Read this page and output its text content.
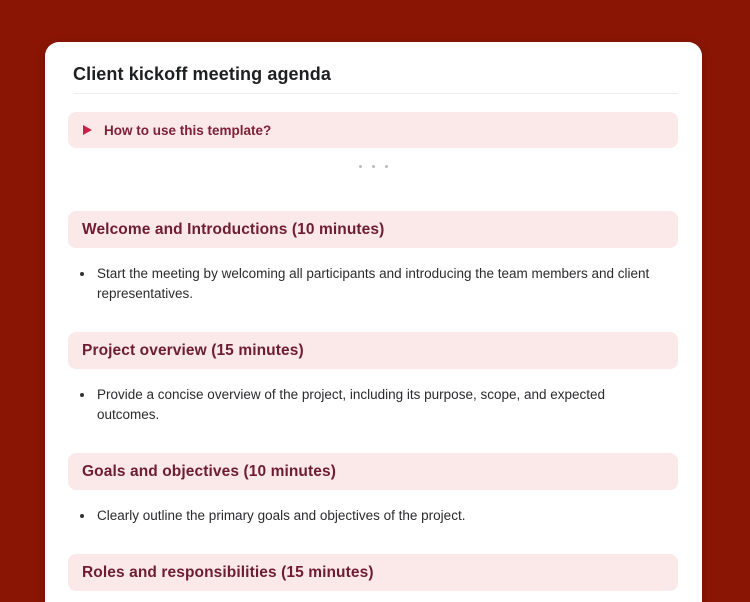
Client kickoff meeting agenda
How to use this template?
Welcome and Introductions (10 minutes)
Start the meeting by welcoming all participants and introducing the team members and client representatives.
Project overview (15 minutes)
Provide a concise overview of the project, including its purpose, scope, and expected outcomes.
Goals and objectives (10 minutes)
Clearly outline the primary goals and objectives of the project.
Roles and responsibilities (15 minutes)
